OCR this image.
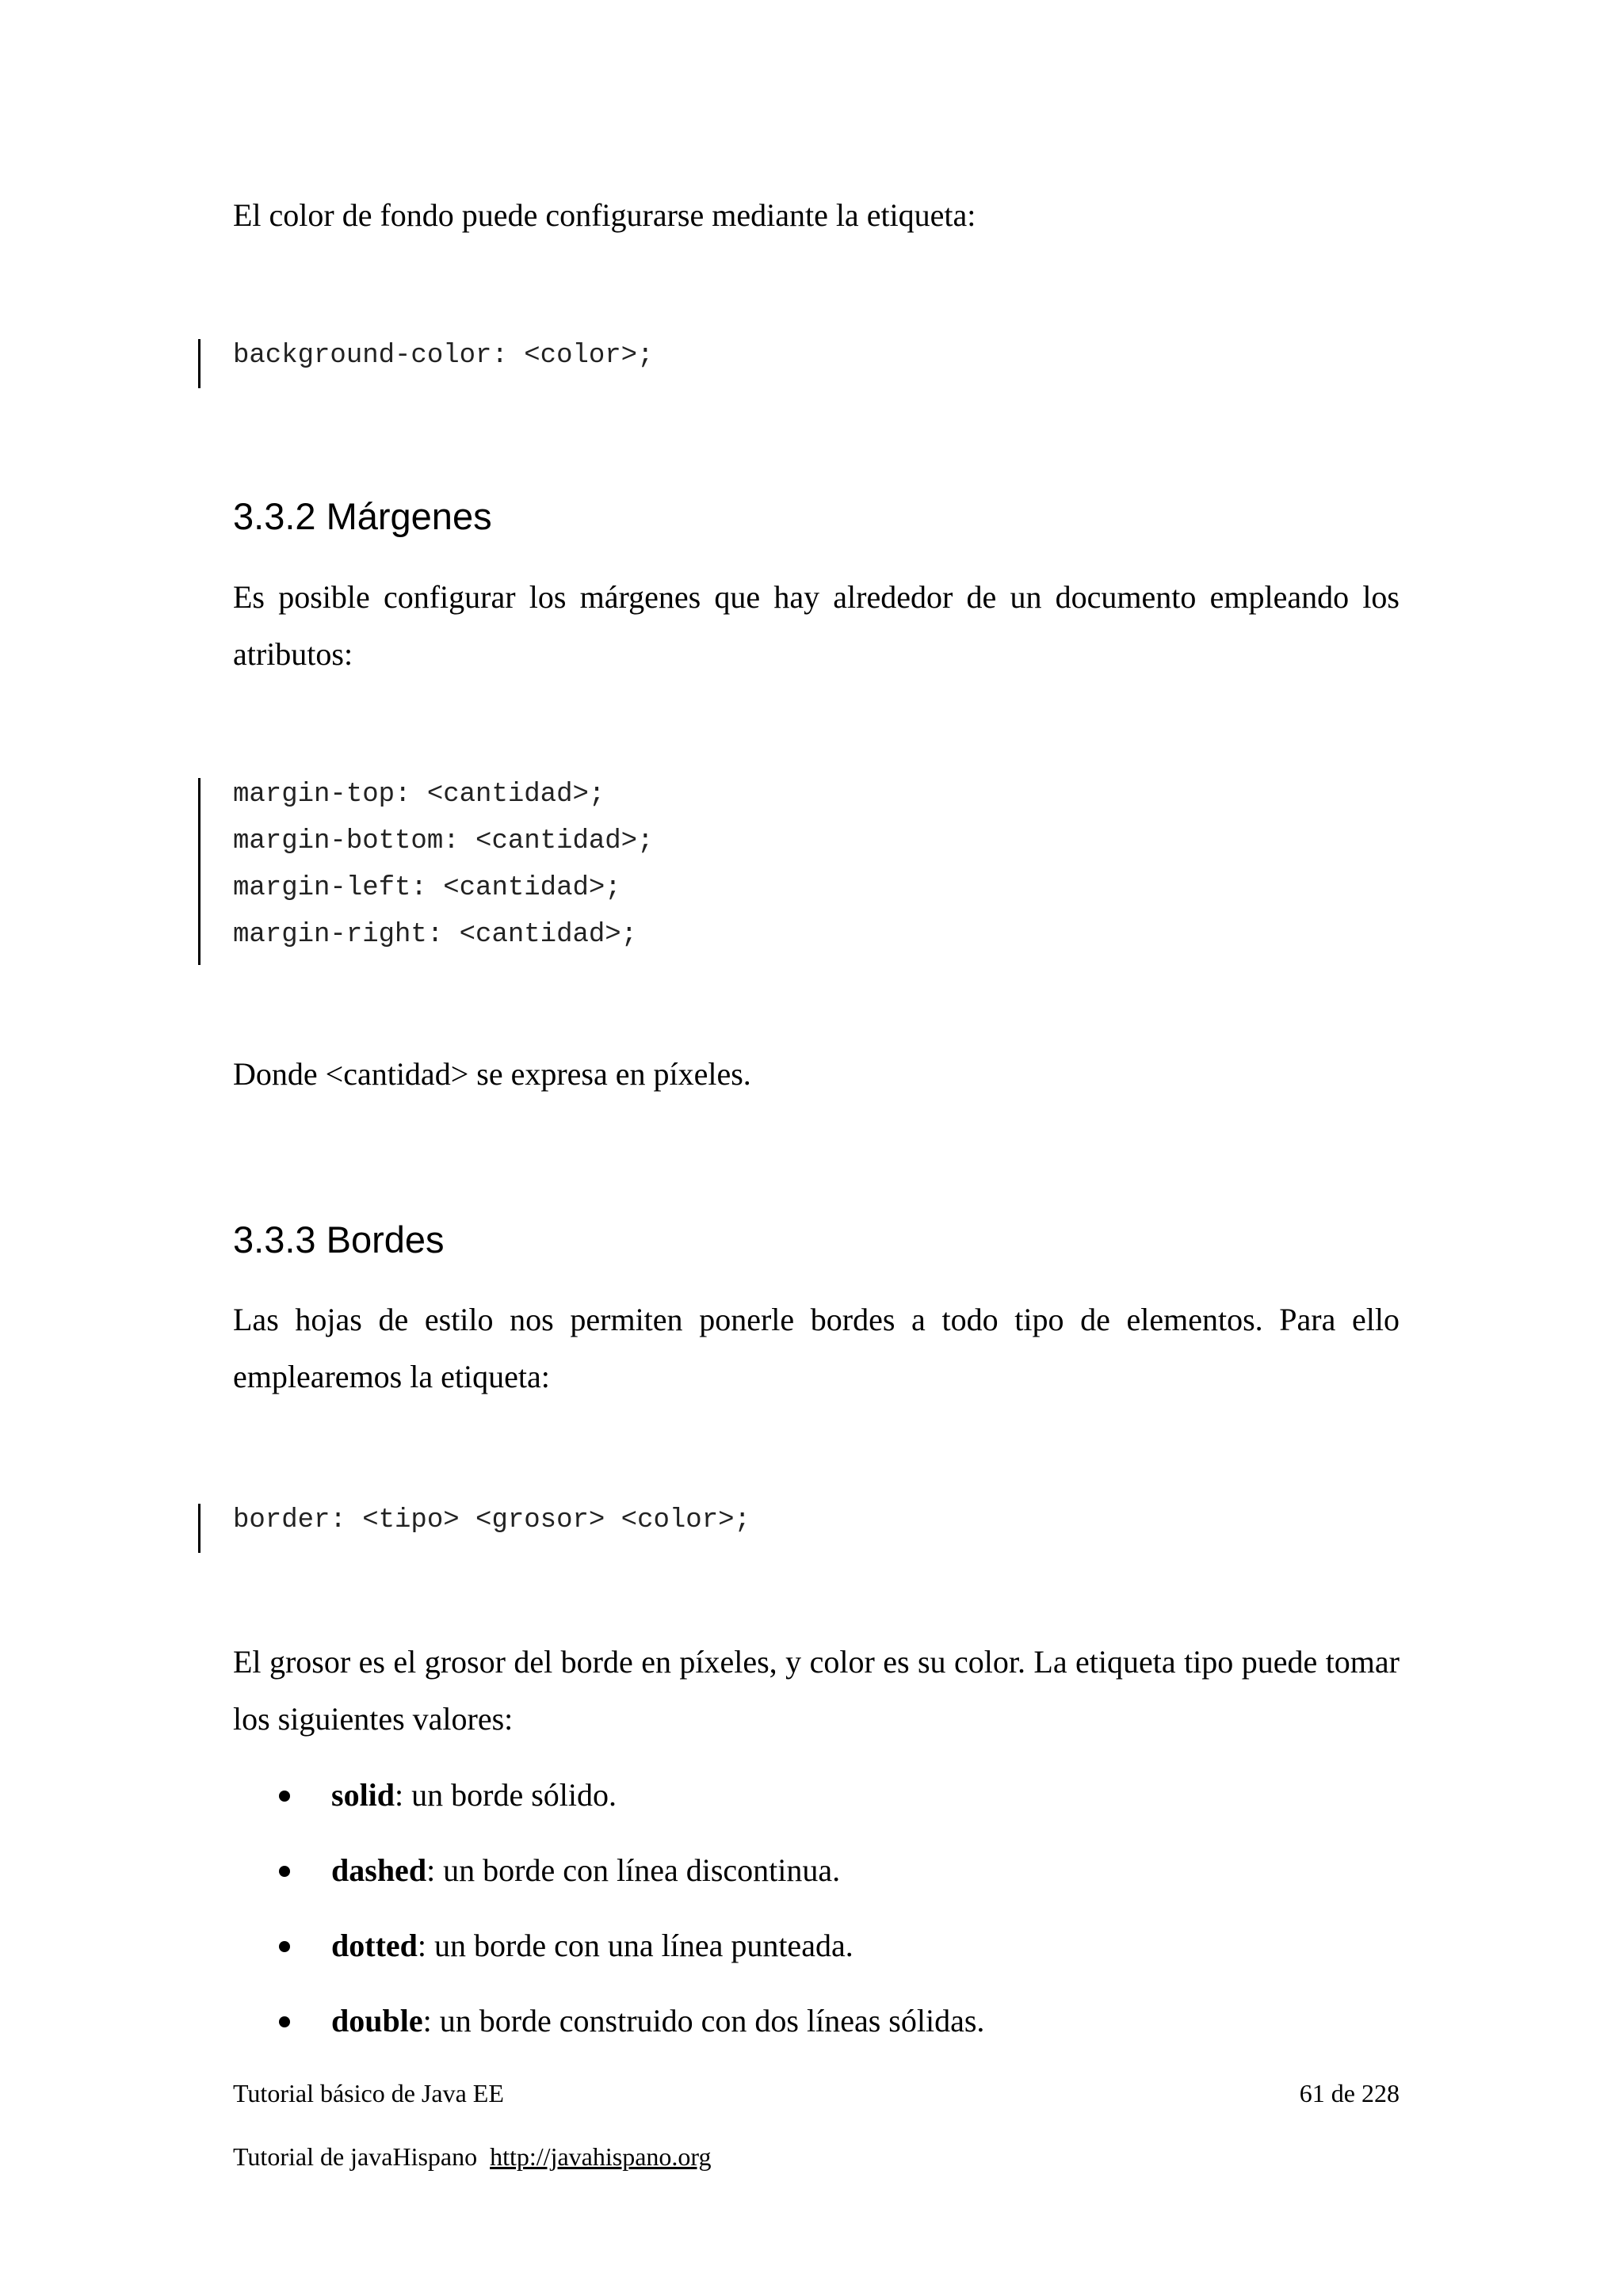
El color de fondo puede configurarse mediante la etiqueta:
background-color: <color>;
3.3.2 Márgenes
Es posible configurar los márgenes que hay alrededor de un documento empleando los atributos:
margin-top: <cantidad>;
margin-bottom: <cantidad>;
margin-left: <cantidad>;
margin-right: <cantidad>;
Donde <cantidad> se expresa en píxeles.
3.3.3 Bordes
Las hojas de estilo nos permiten ponerle bordes a todo tipo de elementos. Para ello emplearemos la etiqueta:
border: <tipo> <grosor> <color>;
El grosor es el grosor del borde en píxeles, y color es su color. La etiqueta tipo puede tomar los siguientes valores:
solid: un borde sólido.
dashed: un borde con línea discontinua.
dotted: un borde con una línea punteada.
double: un borde construido con dos líneas sólidas.
Tutorial básico de Java EE	61 de 228
Tutorial de javaHispano http://javahispano.org
